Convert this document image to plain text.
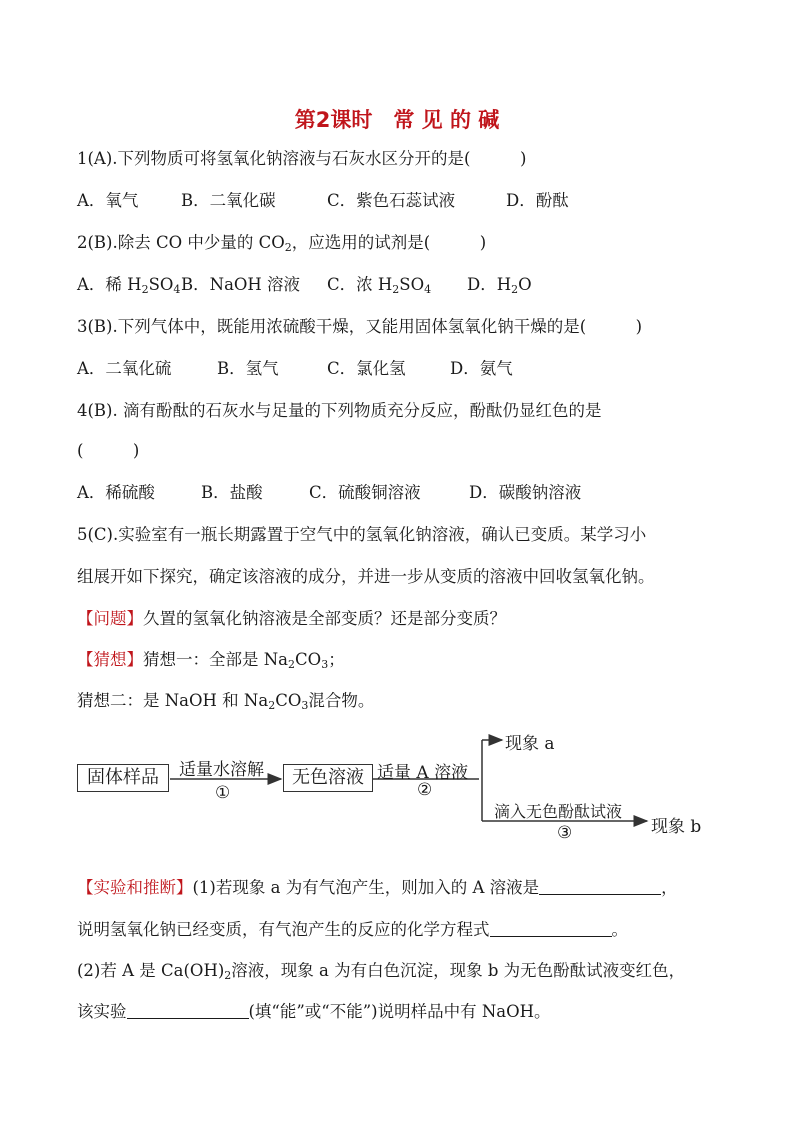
第2课时　常 见 的 碱
1(A).下列物质可将氢氧化钠溶液与石灰水区分开的是(　　　)
A．氧气	B．二氧化碳	C．紫色石蕊试液	D．酚酞
2(B).除去 CO 中少量的 $CO_2$，应选用的试剂是(　　　)
A．稀 $H_2SO_4B$．NaOH 溶液 C．浓 $H_2SO_4$ D．$H_2O$
3(B).下列气体中，既能用浓硫酸干燥，又能用固体氢氧化钠干燥的是(　　　)
A．二氧化硫	B．氢气	C．氯化氢	D．氨气
4(B). 滴有酚酞的石灰水与足量的下列物质充分反应，酚酞仍显红色的是
(　　　)
A．稀硫酸	B．盐酸	C．硫酸铜溶液	D．碳酸钠溶液
5(C).实验室有一瓶长期露置于空气中的氢氧化钠溶液，确认已变质。某学习小
组展开如下探究，确定该溶液的成分，并进一步从变质的溶液中回收氢氧化钠。
【问题】久置的氢氧化钠溶液是全部变质？还是部分变质？
【猜想】猜想一：全部是 $Na_2CO_3$；
猜想二：是 NaOH 和 $Na_2CO_3$混合物。
固体样品	适量水溶解
①
无色溶液 适量 A 溶液
②
现象 a
滴入无色酚酞试液
③	现象 b
【实验和推断】(1)若现象 a 为有气泡产生，则加入的 A 溶液是	，
说明氢氧化钠已经变质，有气泡产生的反应的化学方程式	。
(2)若 A 是 $Ca(OH)_2$溶液，现象 a 为有白色沉淀，现象 b 为无色酚酞试液变红色，
该实验	(填“能”或“不能”)说明样品中有 NaOH。
